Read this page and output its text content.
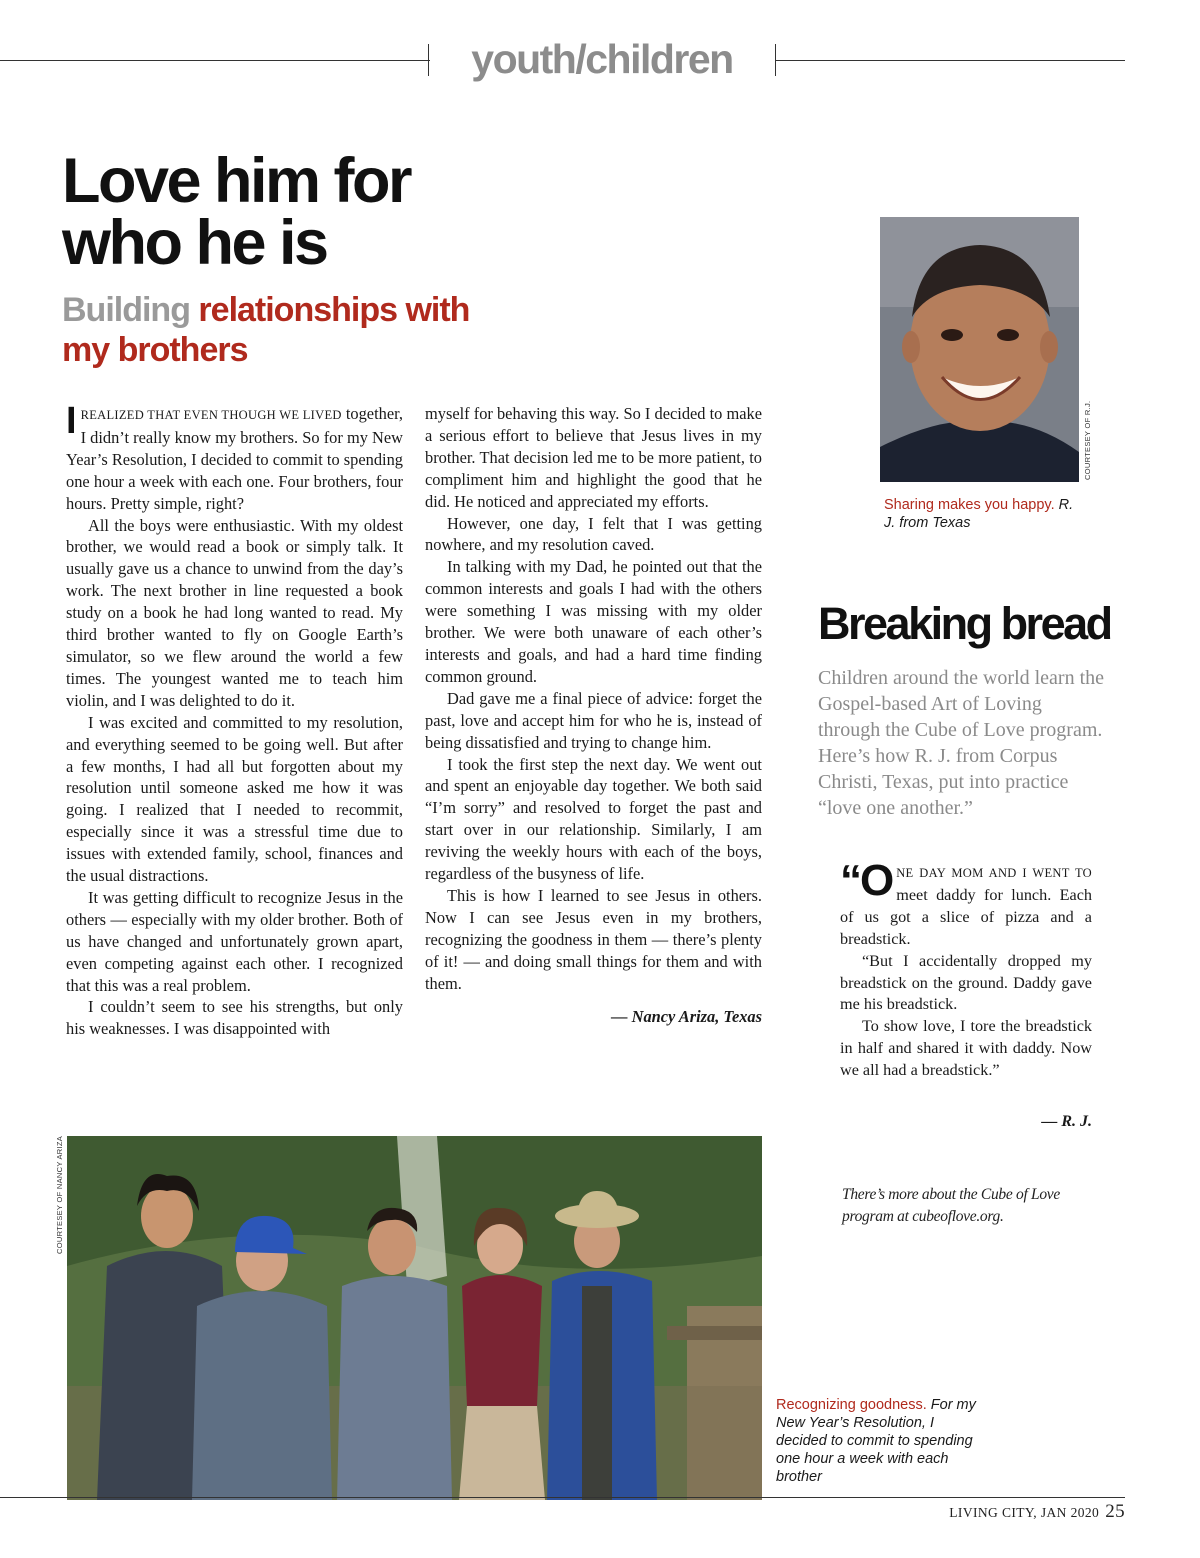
youth/children
Love him for who he is
Building relationships with my brothers

IREALIZED THAT EVEN THOUGH WE LIVED together, I didn’t really know my brothers. So for my New Year’s Resolution, I decided to commit to spending one hour a week with each one. Four brothers, four hours. Pretty simple, right?

All the boys were enthusiastic. With my oldest brother, we would read a book or simply talk. It usually gave us a chance to unwind from the day’s work. The next brother in line requested a book study on a book he had long wanted to read. My third brother wanted to fly on Google Earth’s simulator, so we flew around the world a few times. The youngest wanted me to teach him violin, and I was delighted to do it.

I was excited and committed to my resolution, and everything seemed to be going well. But after a few months, I had all but forgotten about my resolution until someone asked me how it was going. I realized that I needed to recommit, especially since it was a stressful time due to issues with extended family, school, finances and the usual distractions.

It was getting difficult to recognize Jesus in the others — especially with my older brother. Both of us have changed and unfortunately grown apart, even competing against each other. I recognized that this was a real problem.

I couldn’t seem to see his strengths, but only his weaknesses. I was disappointed with

myself for behaving this way. So I decided to make a serious effort to believe that Jesus lives in my brother. That decision led me to be more patient, to compliment him and highlight the good that he did. He noticed and appreciated my efforts.

However, one day, I felt that I was getting nowhere, and my resolution caved.

In talking with my Dad, he pointed out that the common interests and goals I had with the others were something I was missing with my older brother. We were both unaware of each other’s interests and goals, and had a hard time finding common ground.

Dad gave me a final piece of advice: forget the past, love and accept him for who he is, instead of being dissatisfied and trying to change him.

I took the first step the next day. We went out and spent an enjoyable day together. We both said “I’m sorry” and resolved to forget the past and start over in our relationship. Similarly, I am reviving the weekly hours with each of the boys, regardless of the busyness of life.

This is how I learned to see Jesus in others. Now I can see Jesus even in my brothers, recognizing the goodness in them — there’s plenty of it! — and doing small things for them and with them.

— Nancy Ariza, Texas
COURTESEY OF R.J.
Sharing makes you happy. R. J. from Texas
Breaking bread
Children around the world learn the Gospel-based Art of Loving through the Cube of Love program. Here’s how R. J. from Corpus Christi, Texas, put into practice “love one another.”

“ONE DAY MOM AND I WENT TO meet daddy for lunch. Each of us got a slice of pizza and a breadstick.

“But I accidentally dropped my breadstick on the ground. Daddy gave me his breadstick.

To show love, I tore the breadstick in half and shared it with daddy. Now we all had a breadstick.”

— R. J.
There’s more about the Cube of Love program at cubeoflove.org.
COURTESEY OF NANCY ARIZA
Recognizing goodness. For my New Year’s Resolution, I decided to commit to spending one hour a week with each brother
LIVING CITY, JAN 2020 25
